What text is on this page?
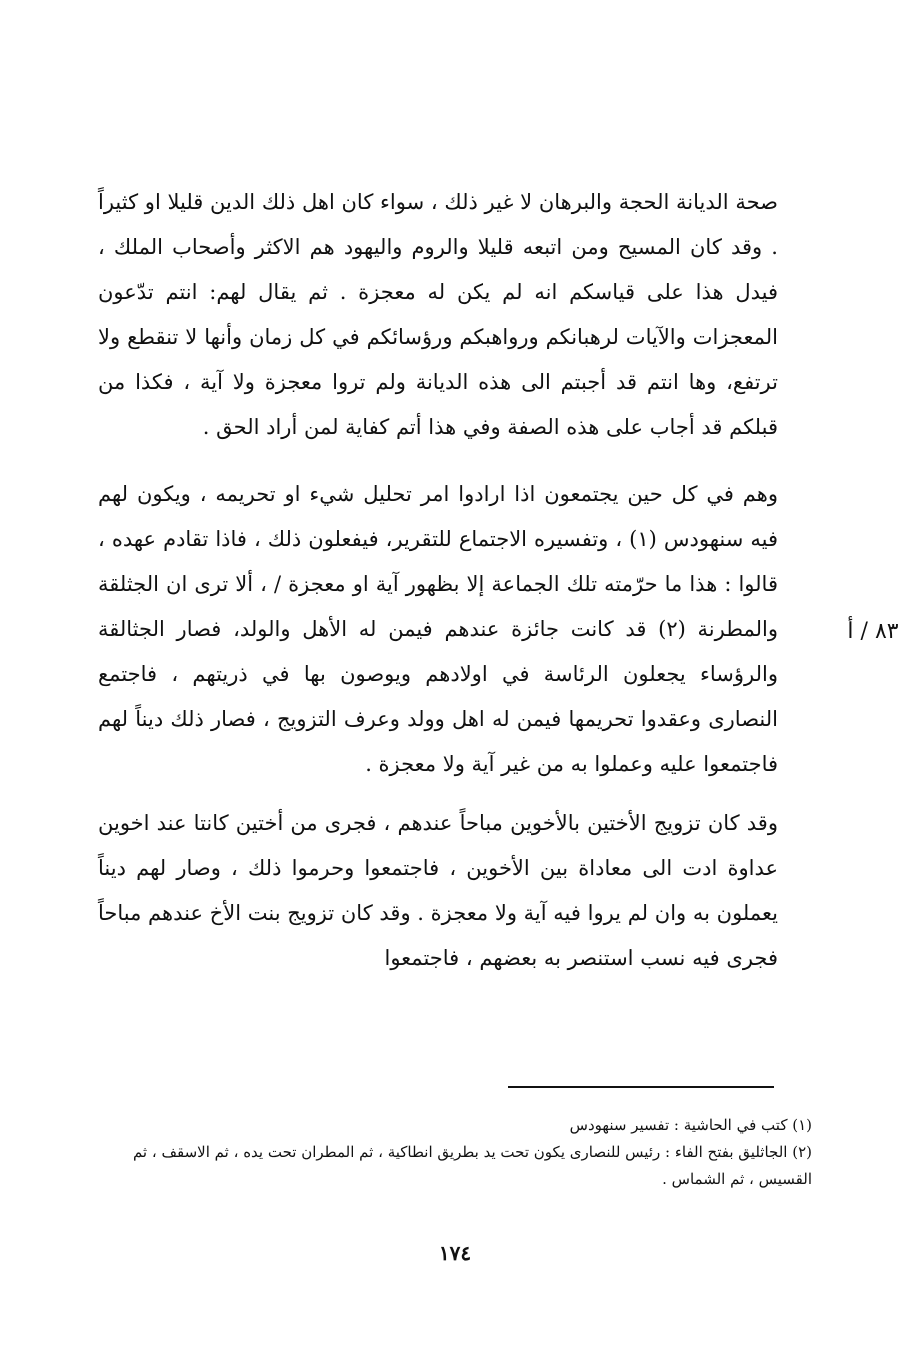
صحة الديانة الحجة والبرهان لا غير ذلك ، سواء كان اهل ذلك الدين قليلا او كثيراً . وقد كان المسيح ومن اتبعه قليلا والروم واليهود هم الاكثر وأصحاب الملك ، فيدل هذا على قياسكم انه لم يكن له معجزة . ثم يقال لهم: انتم تدّعون المعجزات والآيات لرهبانكم ورواهبكم ورؤسائكم في كل زمان وأنها لا تنقطع ولا ترتفع، وها انتم قد أجبتم الى هذه الديانة ولم تروا معجزة ولا آية ، فكذا من قبلكم قد أجاب على هذه الصفة وفي هذا أتم كفاية لمن أراد الحق .

وهم في كل حين يجتمعون اذا ارادوا امر تحليل شيء او تحريمه ، ويكون لهم فيه سنهودس (١) ، وتفسيره الاجتماع للتقرير، فيفعلون ذلك ، فاذا تقادم عهده ، قالوا : هذا ما حرّمته تلك الجماعة إلا بظهور آية او معجزة / ، ألا ترى ان الجثلقة والمطرنة (٢) قد كانت جائزة عندهم فيمن له الأهل والولد، فصار الجثالقة والرؤساء يجعلون الرئاسة في اولادهم ويوصون بها في ذريتهم ، فاجتمع النصارى وعقدوا تحريمها فيمن له اهل وولد وعرف التزويج ، فصار ذلك ديناً لهم فاجتمعوا عليه وعملوا به من غير آية ولا معجزة .

وقد كان تزويج الأختين بالأخوين مباحاً عندهم ، فجرى من أختين كانتا عند اخوين عداوة ادت الى معاداة بين الأخوين ، فاجتمعوا وحرموا ذلك ، وصار لهم ديناً يعملون به وان لم يروا فيه آية ولا معجزة . وقد كان تزويج بنت الأخ عندهم مباحاً فجرى فيه نسب استنصر به بعضهم ، فاجتمعوا

٨٣ / أ

(١) كتب في الحاشية : تفسير سنهودس

(٢) الجاثليق بفتح الفاء : رئيس للنصارى يكون تحت يد بطريق انطاكية ، ثم المطران تحت يده ، ثم الاسقف ، ثم القسيس ، ثم الشماس .

١٧٤
